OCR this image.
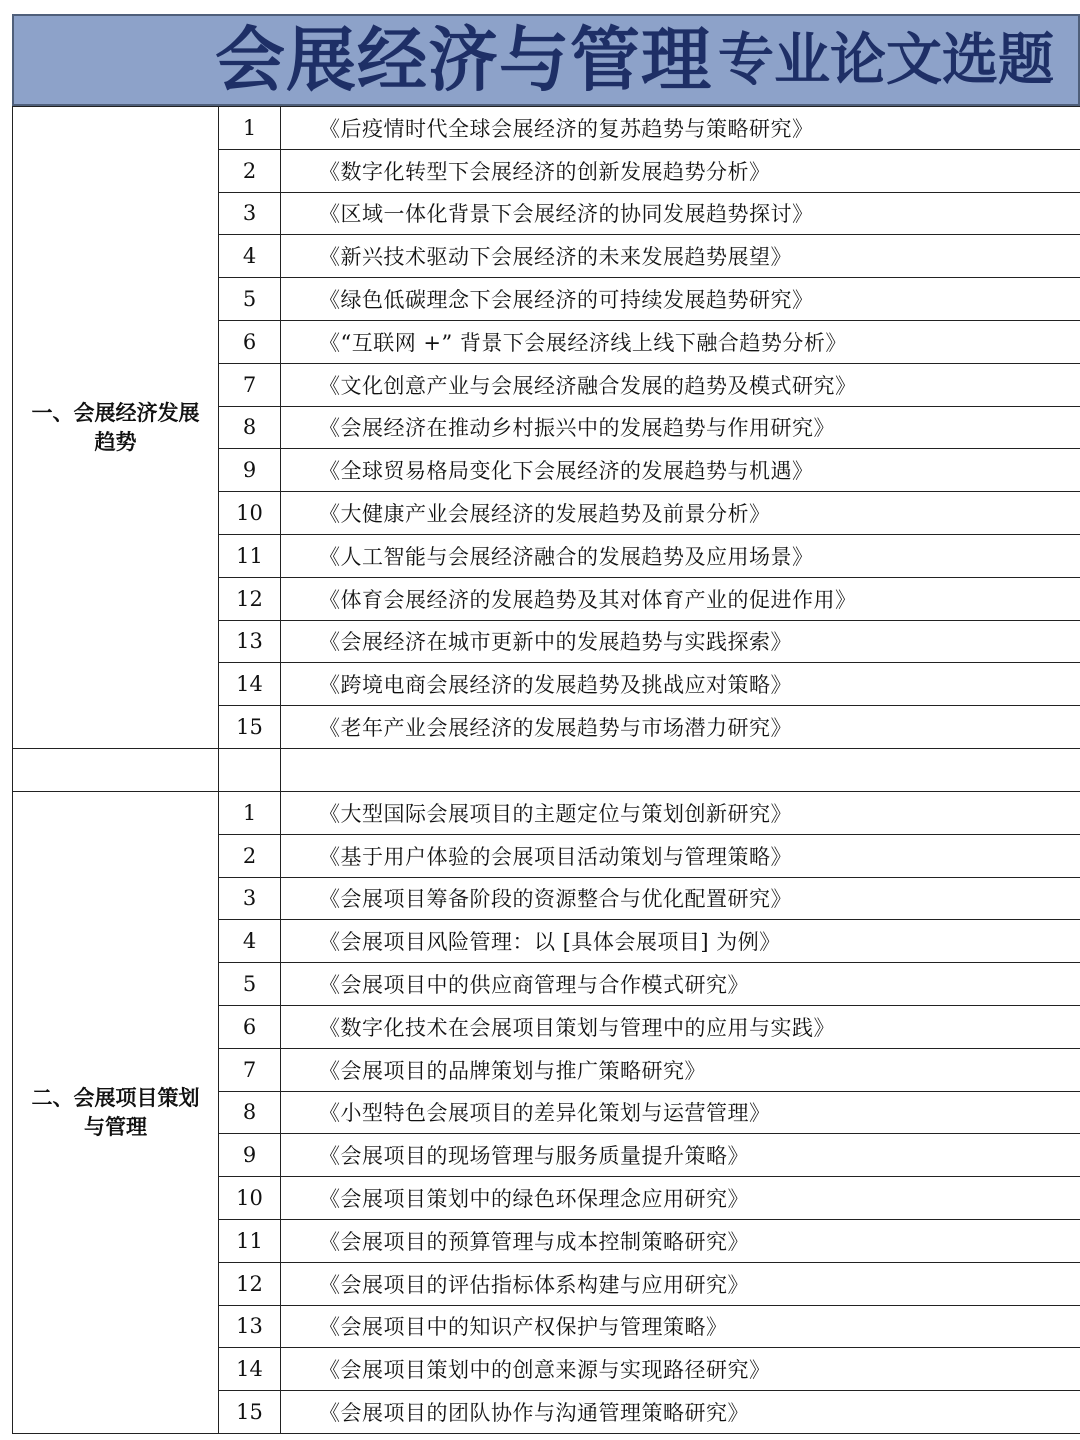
会展经济与管理 专业论文选题
一、会展经济发展趋势	1	《后疫情时代全球会展经济的复苏趋势与策略研究》
	2	《数字化转型下会展经济的创新发展趋势分析》
	3	《区域一体化背景下会展经济的协同发展趋势探讨》
	4	《新兴技术驱动下会展经济的未来发展趋势展望》
	5	《绿色低碳理念下会展经济的可持续发展趋势研究》
	6	《“互联网 +” 背景下会展经济线上线下融合趋势分析》
	7	《文化创意产业与会展经济融合发展的趋势及模式研究》
	8	《会展经济在推动乡村振兴中的发展趋势与作用研究》
	9	《全球贸易格局变化下会展经济的发展趋势与机遇》
	10	《大健康产业会展经济的发展趋势及前景分析》
	11	《人工智能与会展经济融合的发展趋势及应用场景》
	12	《体育会展经济的发展趋势及其对体育产业的促进作用》
	13	《会展经济在城市更新中的发展趋势与实践探索》
	14	《跨境电商会展经济的发展趋势及挑战应对策略》
	15	《老年产业会展经济的发展趋势与市场潜力研究》

二、会展项目策划与管理	1	《大型国际会展项目的主题定位与策划创新研究》
	2	《基于用户体验的会展项目活动策划与管理策略》
	3	《会展项目筹备阶段的资源整合与优化配置研究》
	4	《会展项目风险管理：以 [具体会展项目] 为例》
	5	《会展项目中的供应商管理与合作模式研究》
	6	《数字化技术在会展项目策划与管理中的应用与实践》
	7	《会展项目的品牌策划与推广策略研究》
	8	《小型特色会展项目的差异化策划与运营管理》
	9	《会展项目的现场管理与服务质量提升策略》
	10	《会展项目策划中的绿色环保理念应用研究》
	11	《会展项目的预算管理与成本控制策略研究》
	12	《会展项目的评估指标体系构建与应用研究》
	13	《会展项目中的知识产权保护与管理策略》
	14	《会展项目策划中的创意来源与实现路径研究》
	15	《会展项目的团队协作与沟通管理策略研究》
